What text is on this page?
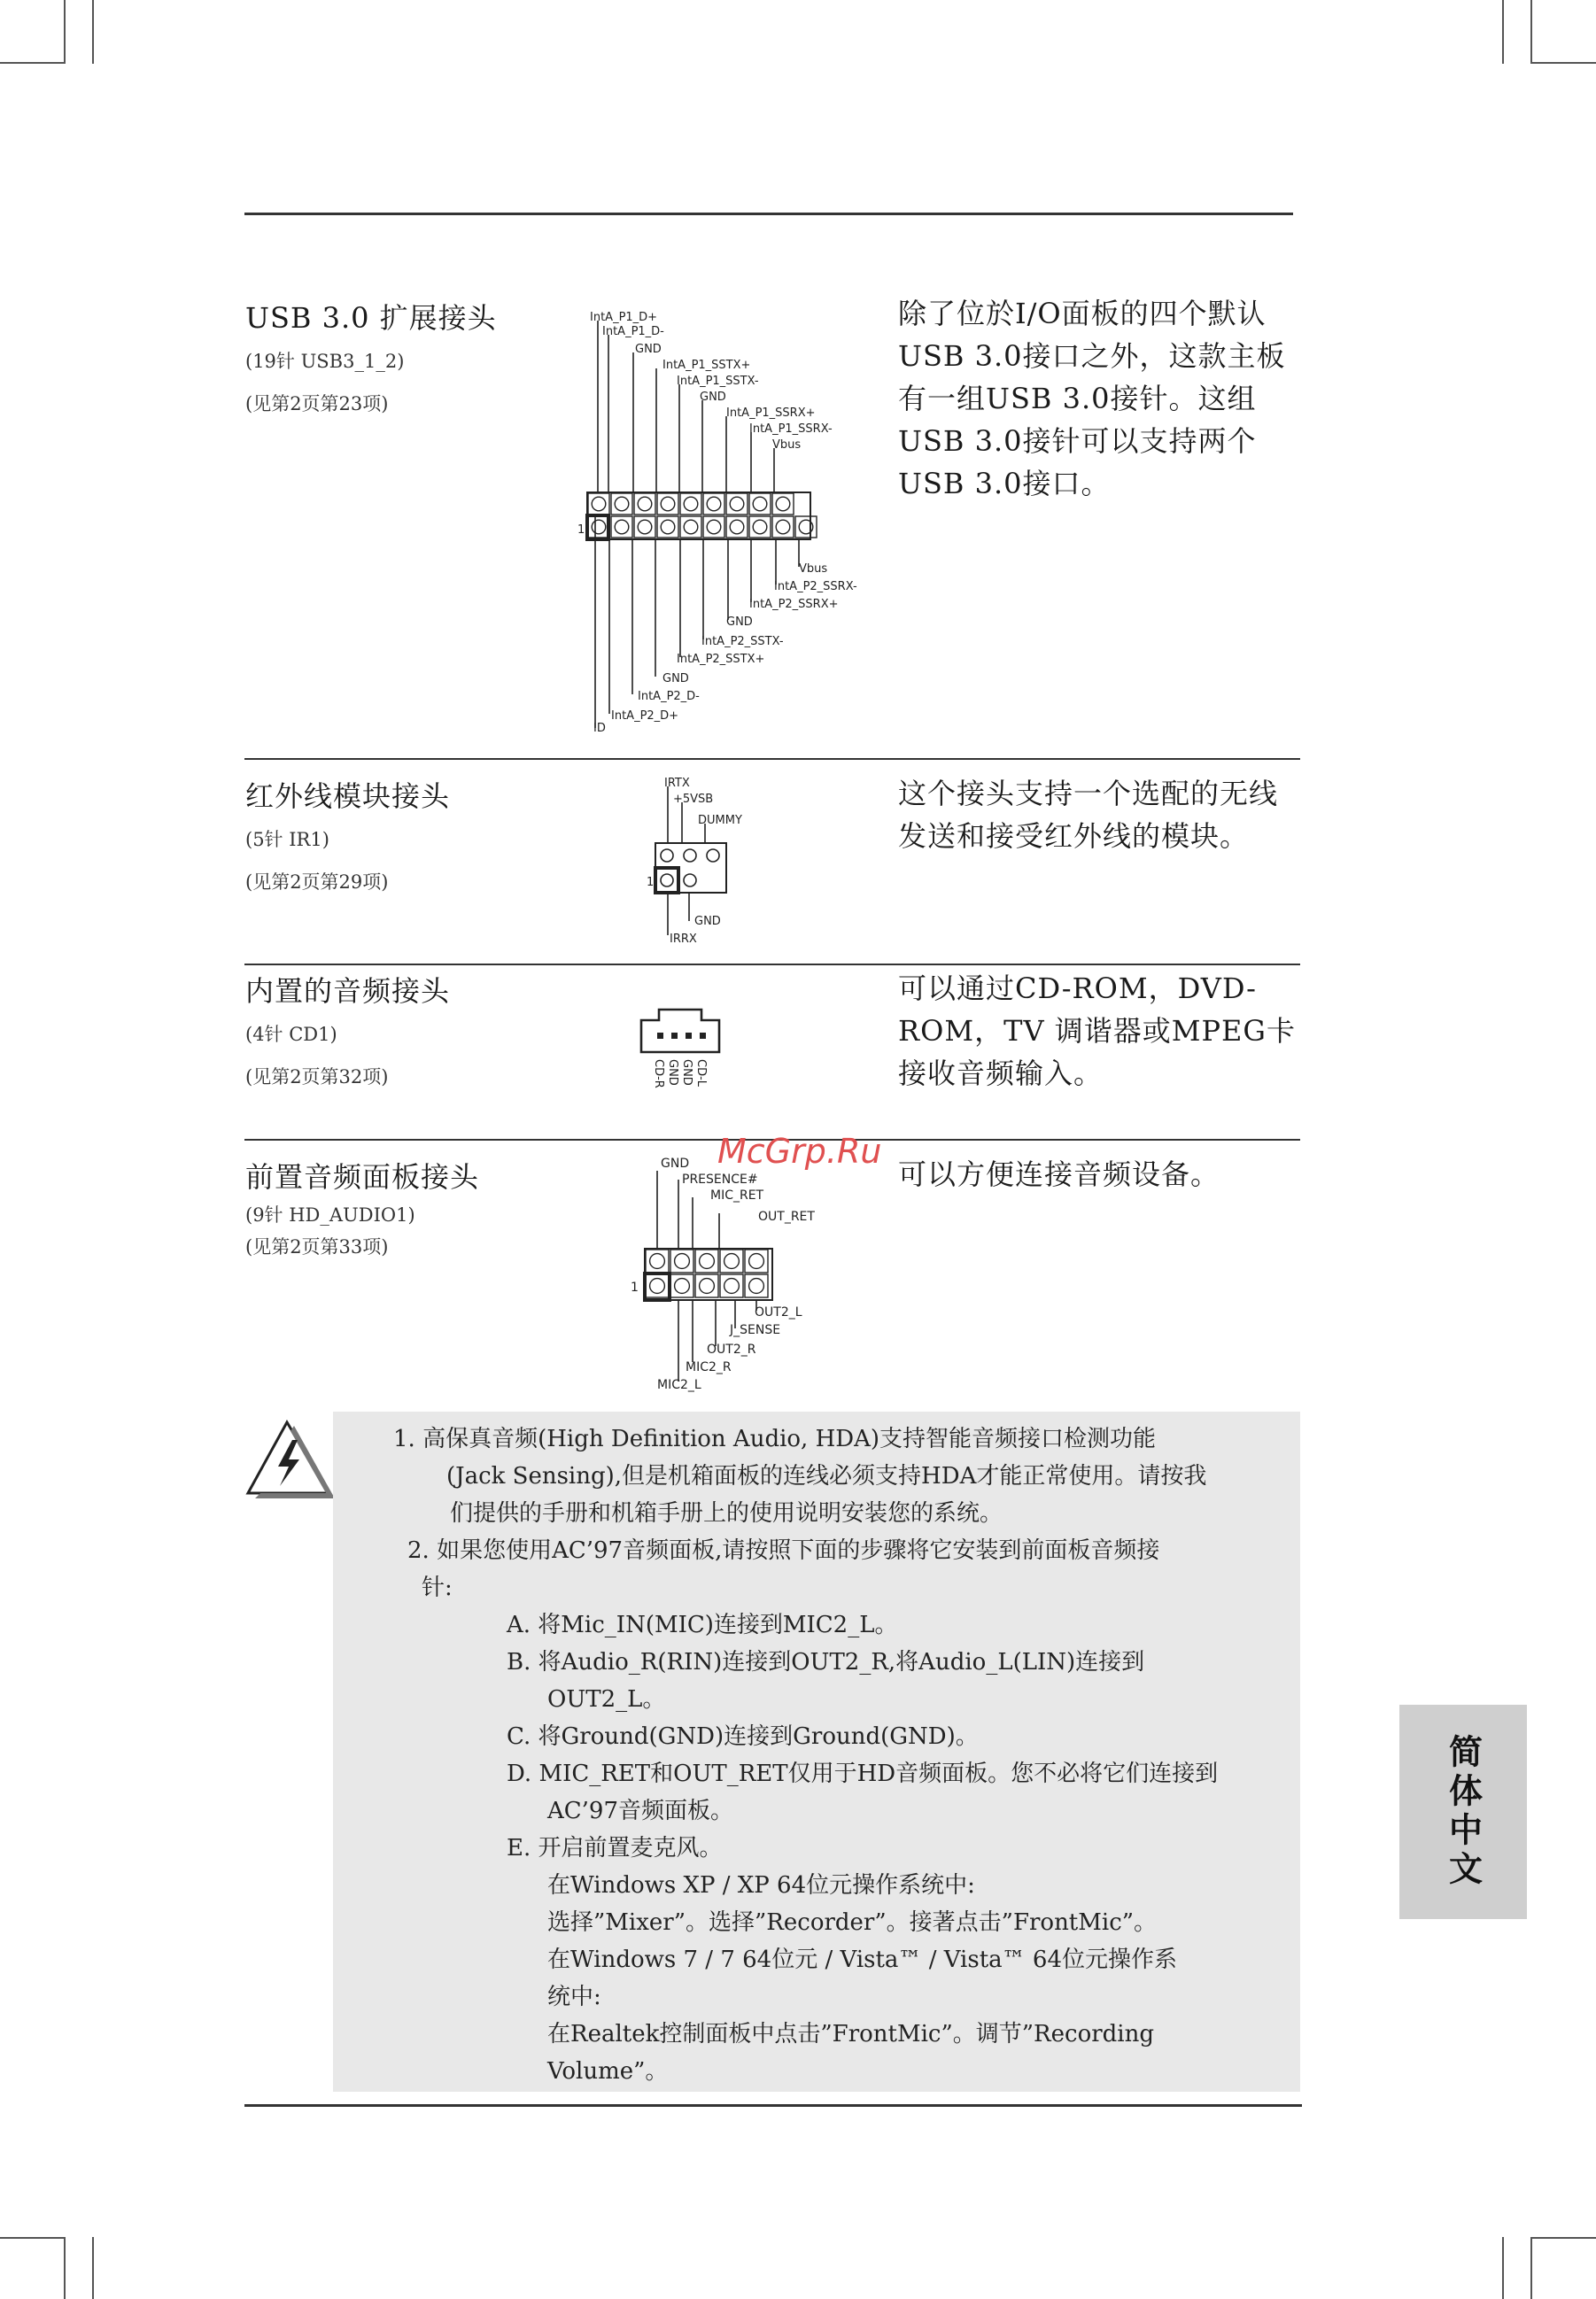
USB 3.0 扩展接头
(19针 USB3_1_2)
(见第2页第23项)
除了位於I/O面板的四个默认USB 3.0接口之外，这款主板有一组USB 3.0接针。这组USB 3.0接针可以支持两个USB 3.0接口。
IntA_P1_D+
IntA_P1_D-
GND
IntA_P1_SSTX+
IntA_P1_SSTX-
GND
IntA_P1_SSRX+
IntA_P1_SSRX-
Vbus
Vbus
IntA_P2_SSRX-
IntA_P2_SSRX+
GND
IntA_P2_SSTX-
IntA_P2_SSTX+
GND
IntA_P2_D-
IntA_P2_D+
ID
1
红外线模块接头
(5针 IR1)
(见第2页第29项)
这个接头支持一个选配的无线发送和接受红外线的模块。
IRTX
+5VSB
DUMMY
GND
IRRX
1
内置的音频接头
(4针 CD1)
(见第2页第32项)
可以通过CD-ROM，DVD-ROM，TV 调谐器或MPEG卡接收音频输入。
CD-R GND GND CD-L
前置音频面板接头
(9针 HD_AUDIO1)
(见第2页第33项)
可以方便连接音频设备。
GND
PRESENCE#
MIC_RET
OUT_RET
OUT2_L
J_SENSE
OUT2_R
MIC2_R
MIC2_L
1
McGrp.Ru
1. 高保真音频(High Definition Audio, HDA)支持智能音频接口检测功能
(Jack Sensing),但是机箱面板的连线必须支持HDA才能正常使用。请按我
们提供的手册和机箱手册上的使用说明安装您的系统。
2. 如果您使用AC’97音频面板,请按照下面的步骤将它安装到前面板音频接
针:
A. 将Mic_IN(MIC)连接到MIC2_L。
B. 将Audio_R(RIN)连接到OUT2_R,将Audio_L(LIN)连接到
OUT2_L。
C. 将Ground(GND)连接到Ground(GND)。
D. MIC_RET和OUT_RET仅用于HD音频面板。您不必将它们连接到
AC’97音频面板。
E. 开启前置麦克风。
在Windows XP / XP 64位元操作系统中:
选择”Mixer”。选择”Recorder”。接著点击”FrontMic”。
在Windows 7 / 7 64位元 / Vista™ / Vista™ 64位元操作系
统中:
在Realtek控制面板中点击”FrontMic”。调节”Recording
Volume”。
简体中文
